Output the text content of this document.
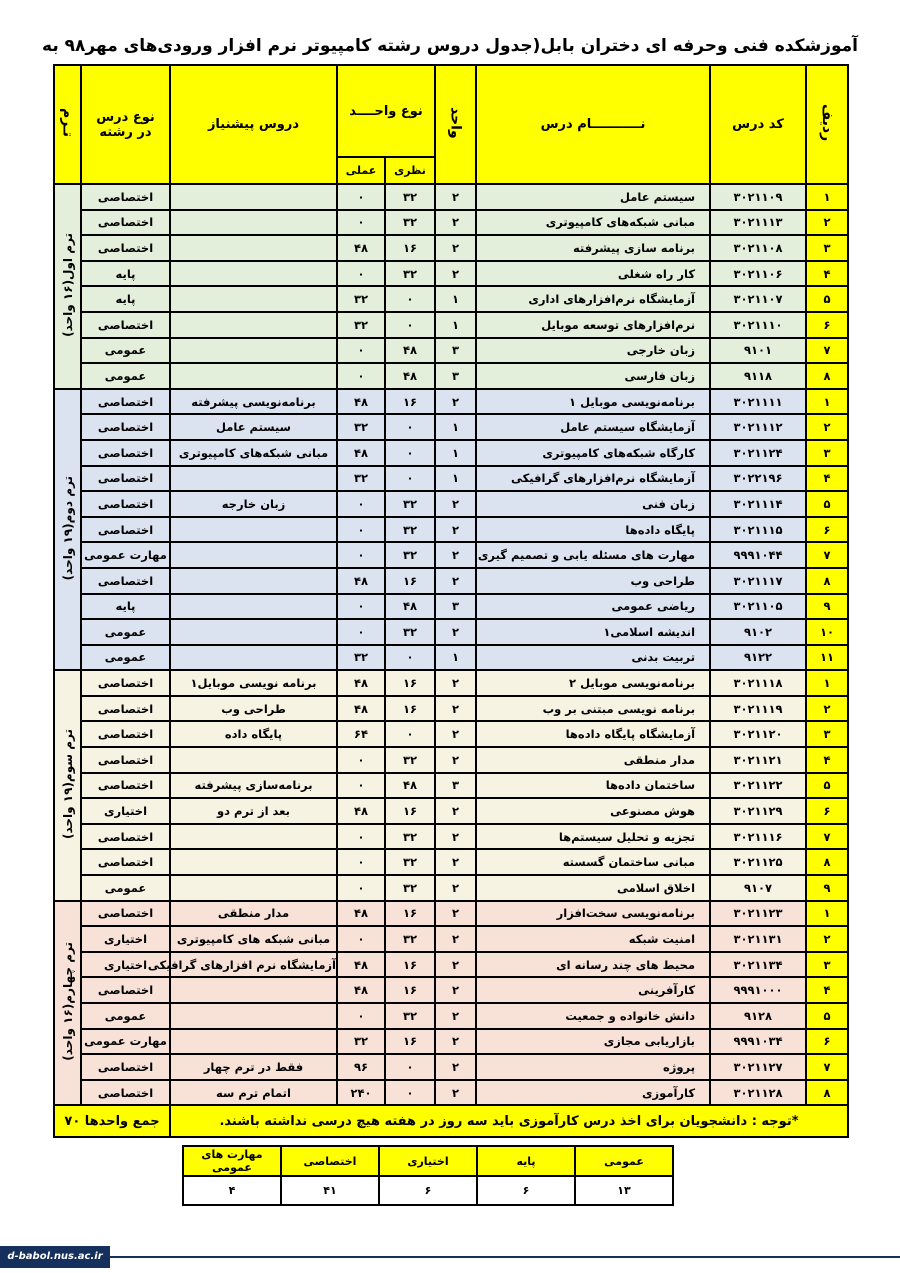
آموزشکده فنی وحرفه ای دختران بابل(جدول دروس رشته کامپیوتر نرم افزار ورودی‌های مهر۹۸ به
ردیف	کد درس	نـــــــــــام درس	واحد	نوع واحــــد		دروس پیشنیاز	نوع درس در رشته	تـرم
				نظری	عملی			
۱	۳۰۲۱۱۰۹	سیستم عامل	۲	۳۲	۰		اختصاصی	ترم اول(۱۶ واحد)
۲	۳۰۲۱۱۱۳	مبانی شبکه‌های کامپیوتری	۲	۳۲	۰		اختصاصی	
۳	۳۰۲۱۱۰۸	برنامه سازی پیشرفته	۲	۱۶	۴۸		اختصاصی	
۴	۳۰۲۱۱۰۶	کار راه شغلی	۲	۳۲	۰		پایه	
۵	۳۰۲۱۱۰۷	آزمایشگاه نرم‌افزارهای اداری	۱	۰	۳۲		پایه	
۶	۳۰۲۱۱۱۰	نرم‌افزارهای توسعه موبایل	۱	۰	۳۲		اختصاصی	
۷	۹۱۰۱	زبان خارجی	۳	۴۸	۰		عمومی	
۸	۹۱۱۸	زبان فارسی	۳	۴۸	۰		عمومی	
۱	۳۰۲۱۱۱۱	برنامه‌نویسی موبایل ۱	۲	۱۶	۴۸	برنامه‌نویسی پیشرفته	اختصاصی	ترم دوم(۱۹ واحد)
۲	۳۰۲۱۱۱۲	آزمایشگاه سیستم عامل	۱	۰	۳۲	سیستم عامل	اختصاصی	
۳	۳۰۲۱۱۲۴	کارگاه شبکه‌های کامپیوتری	۱	۰	۴۸	مبانی شبکه‌های کامپیوتری	اختصاصی	
۴	۳۰۲۲۱۹۶	آزمایشگاه نرم‌افزارهای گرافیکی	۱	۰	۳۲		اختصاصی	
۵	۳۰۲۱۱۱۴	زبان فنی	۲	۳۲	۰	زبان خارجه	اختصاصی	
۶	۳۰۲۱۱۱۵	پایگاه داده‌ها	۲	۳۲	۰		اختصاصی	
۷	۹۹۹۱۰۴۴	مهارت های مسئله یابی و تصمیم گیری	۲	۳۲	۰		مهارت عمومی	
۸	۳۰۲۱۱۱۷	طراحی وب	۲	۱۶	۴۸		اختصاصی	
۹	۳۰۲۱۱۰۵	ریاضی عمومی	۳	۴۸	۰		پایه	
۱۰	۹۱۰۲	اندیشه اسلامی۱	۲	۳۲	۰		عمومی	
۱۱	۹۱۲۲	تربیت بدنی	۱	۰	۳۲		عمومی	
۱	۳۰۲۱۱۱۸	برنامه‌نویسی موبایل ۲	۲	۱۶	۴۸	برنامه نویسی موبایل۱	اختصاصی	ترم سوم(۱۹ واحد)
۲	۳۰۲۱۱۱۹	برنامه نویسی مبتنی بر وب	۲	۱۶	۴۸	طراحی وب	اختصاصی	
۳	۳۰۲۱۱۲۰	آزمایشگاه پایگاه داده‌ها	۲	۰	۶۴	پایگاه داده	اختصاصی	
۴	۳۰۲۱۱۲۱	مدار منطقی	۲	۳۲	۰		اختصاصی	
۵	۳۰۲۱۱۲۲	ساختمان داده‌ها	۳	۴۸	۰	برنامه‌سازی پیشرفته	اختصاصی	
۶	۳۰۲۱۱۲۹	هوش مصنوعی	۲	۱۶	۴۸	بعد از ترم دو	اختیاری	
۷	۳۰۲۱۱۱۶	تجزیه و تحلیل سیستم‌ها	۲	۳۲	۰		اختصاصی	
۸	۳۰۲۱۱۲۵	مبانی ساختمان گسسته	۲	۳۲	۰		اختصاصی	
۹	۹۱۰۷	اخلاق اسلامی	۲	۳۲	۰		عمومی	
۱	۳۰۲۱۱۲۳	برنامه‌نویسی سخت‌افزار	۲	۱۶	۴۸	مدار منطقی	اختصاصی	ترم چهارم(۱۶ واحد)
۲	۳۰۲۱۱۳۱	امنیت شبکه	۲	۳۲	۰	مبانی شبکه های کامپیوتری	اختیاری	
۳	۳۰۲۱۱۳۴	محیط های چند رسانه ای	۲	۱۶	۴۸	آزمایشگاه نرم افزارهای گرافیکی	اختیاری	
۴	۹۹۹۱۰۰۰	کارآفرینی	۲	۱۶	۴۸		اختصاصی	
۵	۹۱۲۸	دانش خانواده و جمعیت	۲	۳۲	۰		عمومی	
۶	۹۹۹۱۰۳۴	بازاریابی مجازی	۲	۱۶	۳۲		مهارت عمومی	
۷	۳۰۲۱۱۲۷	پروژه	۲	۰	۹۶	فقط در ترم چهار	اختصاصی	
۸	۳۰۲۱۱۲۸	کارآموزی	۲	۰	۲۴۰	اتمام ترم سه	اختصاصی	
*توجه : دانشجویان برای اخذ درس کارآموزی باید سه روز در هفته هیچ درسی نداشته باشند.							جمع واحدها ۷۰	
عمومی	پایه	اختیاری	اختصاصی	مهارت های عمومی
۱۳	۶	۶	۴۱	۴
d-babol.nus.ac.ir
